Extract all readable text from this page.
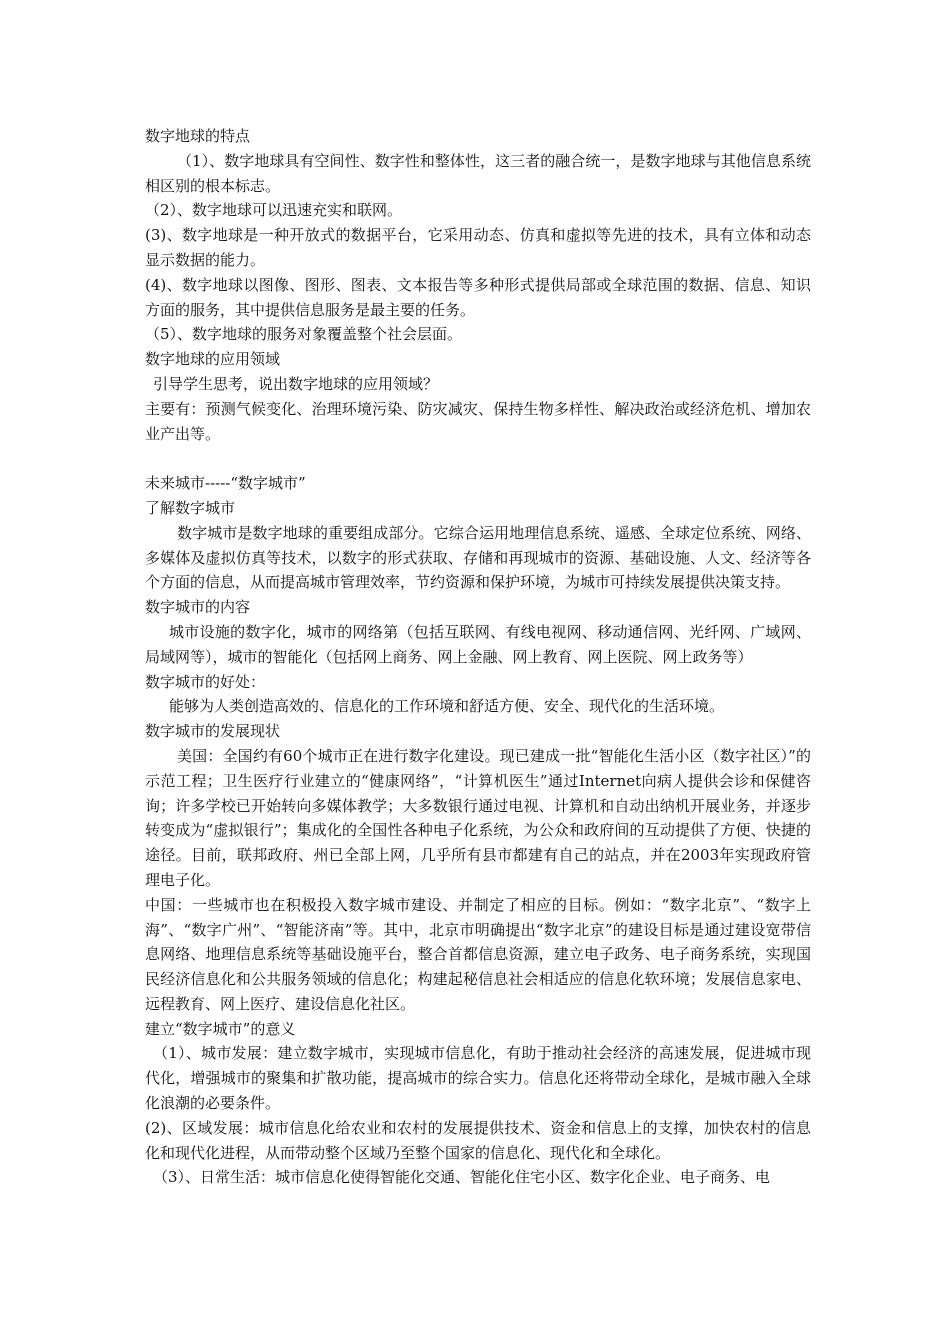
数字地球的特点

（1）、数字地球具有空间性、数字性和整体性，这三者的融合统一，是数字地球与其他信息系统相区别的根本标志。

（2）、数字地球可以迅速充实和联网。

(3)、数字地球是一种开放式的数据平台，它采用动态、仿真和虚拟等先进的技术，具有立体和动态显示数据的能力。

(4)、数字地球以图像、图形、图表、文本报告等多种形式提供局部或全球范围的数据、信息、知识方面的服务，其中提供信息服务是最主要的任务。

（5）、数字地球的服务对象覆盖整个社会层面。

数字地球的应用领域

引导学生思考，说出数字地球的应用领域？

主要有：预测气候变化、治理环境污染、防灾减灾、保持生物多样性、解决政治或经济危机、增加农业产出等。

未来城市-----“数字城市”

了解数字城市

数字城市是数字地球的重要组成部分。它综合运用地理信息系统、遥感、全球定位系统、网络、多媒体及虚拟仿真等技术，以数字的形式获取、存储和再现城市的资源、基础设施、人文、经济等各个方面的信息，从而提高城市管理效率，节约资源和保护环境，为城市可持续发展提供决策支持。

数字城市的内容

城市设施的数字化，城市的网络第（包括互联网、有线电视网、移动通信网、光纤网、广域网、局域网等），城市的智能化（包括网上商务、网上金融、网上教育、网上医院、网上政务等）

数字城市的好处：

能够为人类创造高效的、信息化的工作环境和舒适方便、安全、现代化的生活环境。

数字城市的发展现状

美国：全国约有60个城市正在进行数字化建设。现已建成一批“智能化生活小区（数字社区）”的示范工程；卫生医疗行业建立的“健康网络”，“计算机医生”通过Internet向病人提供会诊和保健咨询；许多学校已开始转向多媒体教学；大多数银行通过电视、计算机和自动出纳机开展业务，并逐步转变成为“虚拟银行”；集成化的全国性各种电子化系统，为公众和政府间的互动提供了方便、快捷的途径。目前，联邦政府、州已全部上网，几乎所有县市都建有自己的站点，并在2003年实现政府管理电子化。

中国：一些城市也在积极投入数字城市建设、并制定了相应的目标。例如：“数字北京”、“数字上海”、“数字广州”、“智能济南”等。其中，北京市明确提出“数字北京”的建设目标是通过建设宽带信息网络、地理信息系统等基础设施平台，整合首都信息资源，建立电子政务、电子商务系统，实现国民经济信息化和公共服务领域的信息化；构建起秘信息社会相适应的信息化软环境；发展信息家电、远程教育、网上医疗、建设信息化社区。

建立“数字城市”的意义

（1）、城市发展：建立数字城市，实现城市信息化，有助于推动社会经济的高速发展，促进城市现代化，增强城市的聚集和扩散功能，提高城市的综合实力。信息化还将带动全球化，是城市融入全球化浪潮的必要条件。

(2)、区域发展：城市信息化给农业和农村的发展提供技术、资金和信息上的支撑，加快农村的信息化和现代化进程，从而带动整个区域乃至整个国家的信息化、现代化和全球化。

（3）、日常生活：城市信息化使得智能化交通、智能化住宅小区、数字化企业、电子商务、电
